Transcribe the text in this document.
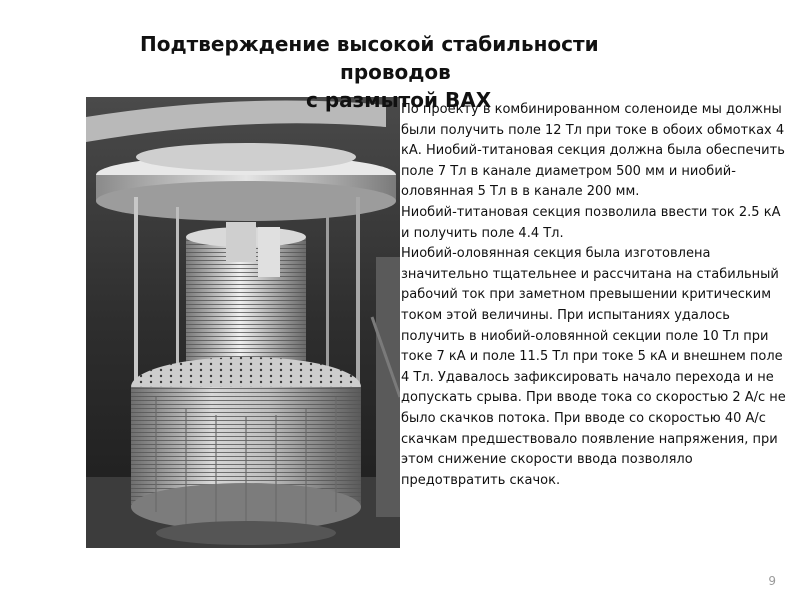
Подтверждение высокой стабильности
проводов
с размытой ВАХ

По проекту в комбинированном соленоиде мы должны были получить поле 12 Тл при токе в обоих обмотках 4 кА. Ниобий-титановая секция должна была обеспечить поле 7 Тл в канале диаметром 500 мм и ниобий-оловянная 5 Тл в в канале 200 мм.

Ниобий-титановая секция позволила ввести ток 2.5 кА и получить поле 4.4 Тл.

Ниобий-оловянная секция была изготовлена значительно тщательнее и рассчитана на стабильный рабочий ток при заметном превышении критическим током этой величины. При испытаниях удалось получить в ниобий-оловянной секции поле 10 Тл при токе 7 кА и поле 11.5 Тл при токе 5 кА и внешнем поле 4 Тл. Удавалось зафиксировать начало перехода и не допускать срыва. При вводе тока со скоростью 2 А/с не было скачков потока. При вводе со скоростью 40 А/с скачкам предшествовало появление напряжения, при этом снижение скорости ввода позволяло предотвратить скачок.

9
